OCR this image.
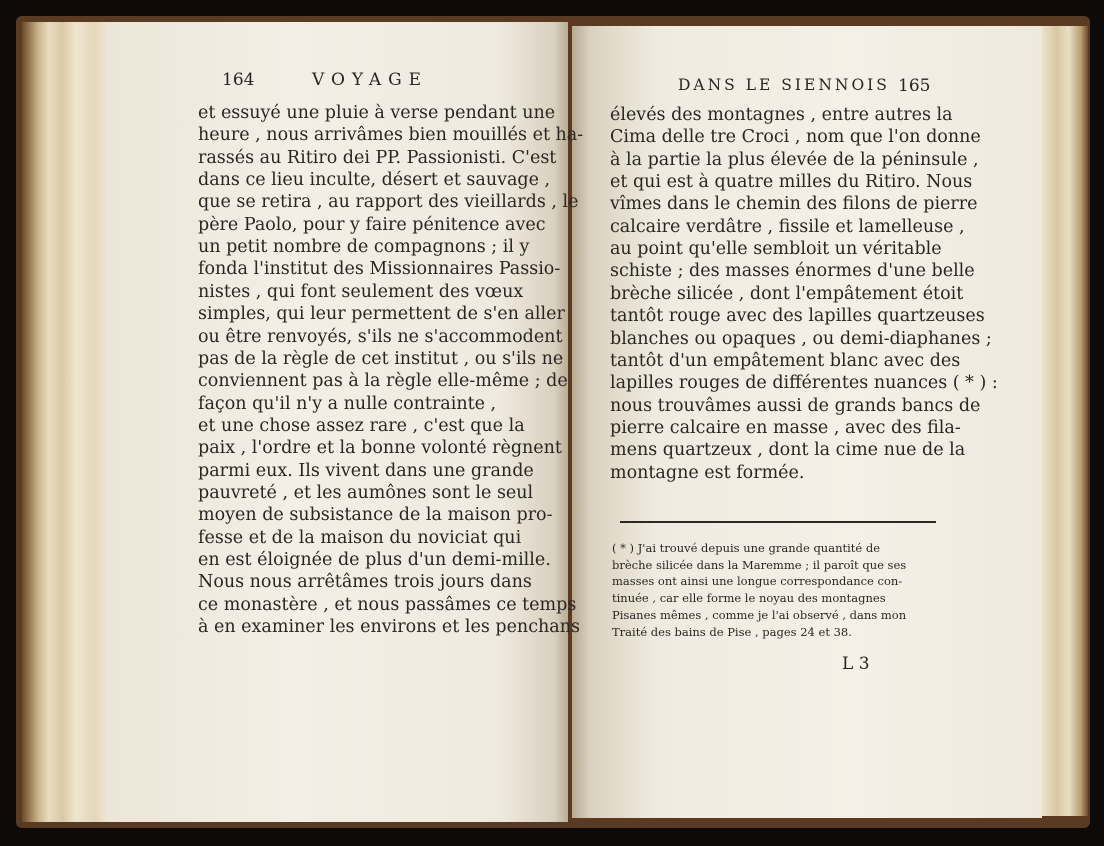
164	VOYAGE
et essuyé une pluie à verse pendant une
heure , nous arrivâmes bien mouillés et ha-
rassés au Ritiro dei PP. Passionisti. C'est
dans ce lieu inculte, désert et sauvage ,
que se retira , au rapport des vieillards , le
père Paolo, pour y faire pénitence avec
un petit nombre de compagnons ; il y
fonda l'institut des Missionnaires Passio-
nistes , qui font seulement des vœux
simples, qui leur permettent de s'en aller
ou être renvoyés, s'ils ne s'accommodent
pas de la règle de cet institut , ou s'ils ne
conviennent pas à la règle elle-même ; de
façon qu'il n'y a nulle contrainte ,
et une chose assez rare , c'est que la
paix , l'ordre et la bonne volonté règnent
parmi eux. Ils vivent dans une grande
pauvreté , et les aumônes sont le seul
moyen de subsistance de la maison pro-
fesse et de la maison du noviciat qui
en est éloignée de plus d'un demi-mille.
Nous nous arrêtâmes trois jours dans
ce monastère , et nous passâmes ce temps
à en examiner les environs et les penchans
DANS LE SIENNOIS 165
élevés des montagnes , entre autres la
Cima delle tre Croci , nom que l'on donne
à la partie la plus élevée de la péninsule ,
et qui est à quatre milles du Ritiro. Nous
vîmes dans le chemin des filons de pierre
calcaire verdâtre , fissile et lamelleuse ,
au point qu'elle sembloit un véritable
schiste ; des masses énormes d'une belle
brèche silicée , dont l'empâtement étoit
tantôt rouge avec des lapilles quartzeuses
blanches ou opaques , ou demi-diaphanes ;
tantôt d'un empâtement blanc avec des
lapilles rouges de différentes nuances ( * ) :
nous trouvâmes aussi de grands bancs de
pierre calcaire en masse , avec des fila-
mens quartzeux , dont la cime nue de la
montagne est formée.
( * ) J'ai trouvé depuis une grande quantité de
brèche silicée dans la Maremme ; il paroît que ses
masses ont ainsi une longue correspondance con-
tinuée , car elle forme le noyau des montagnes
Pisanes mêmes , comme je l'ai observé , dans mon
Traité des bains de Pise , pages 24 et 38.
L 3
